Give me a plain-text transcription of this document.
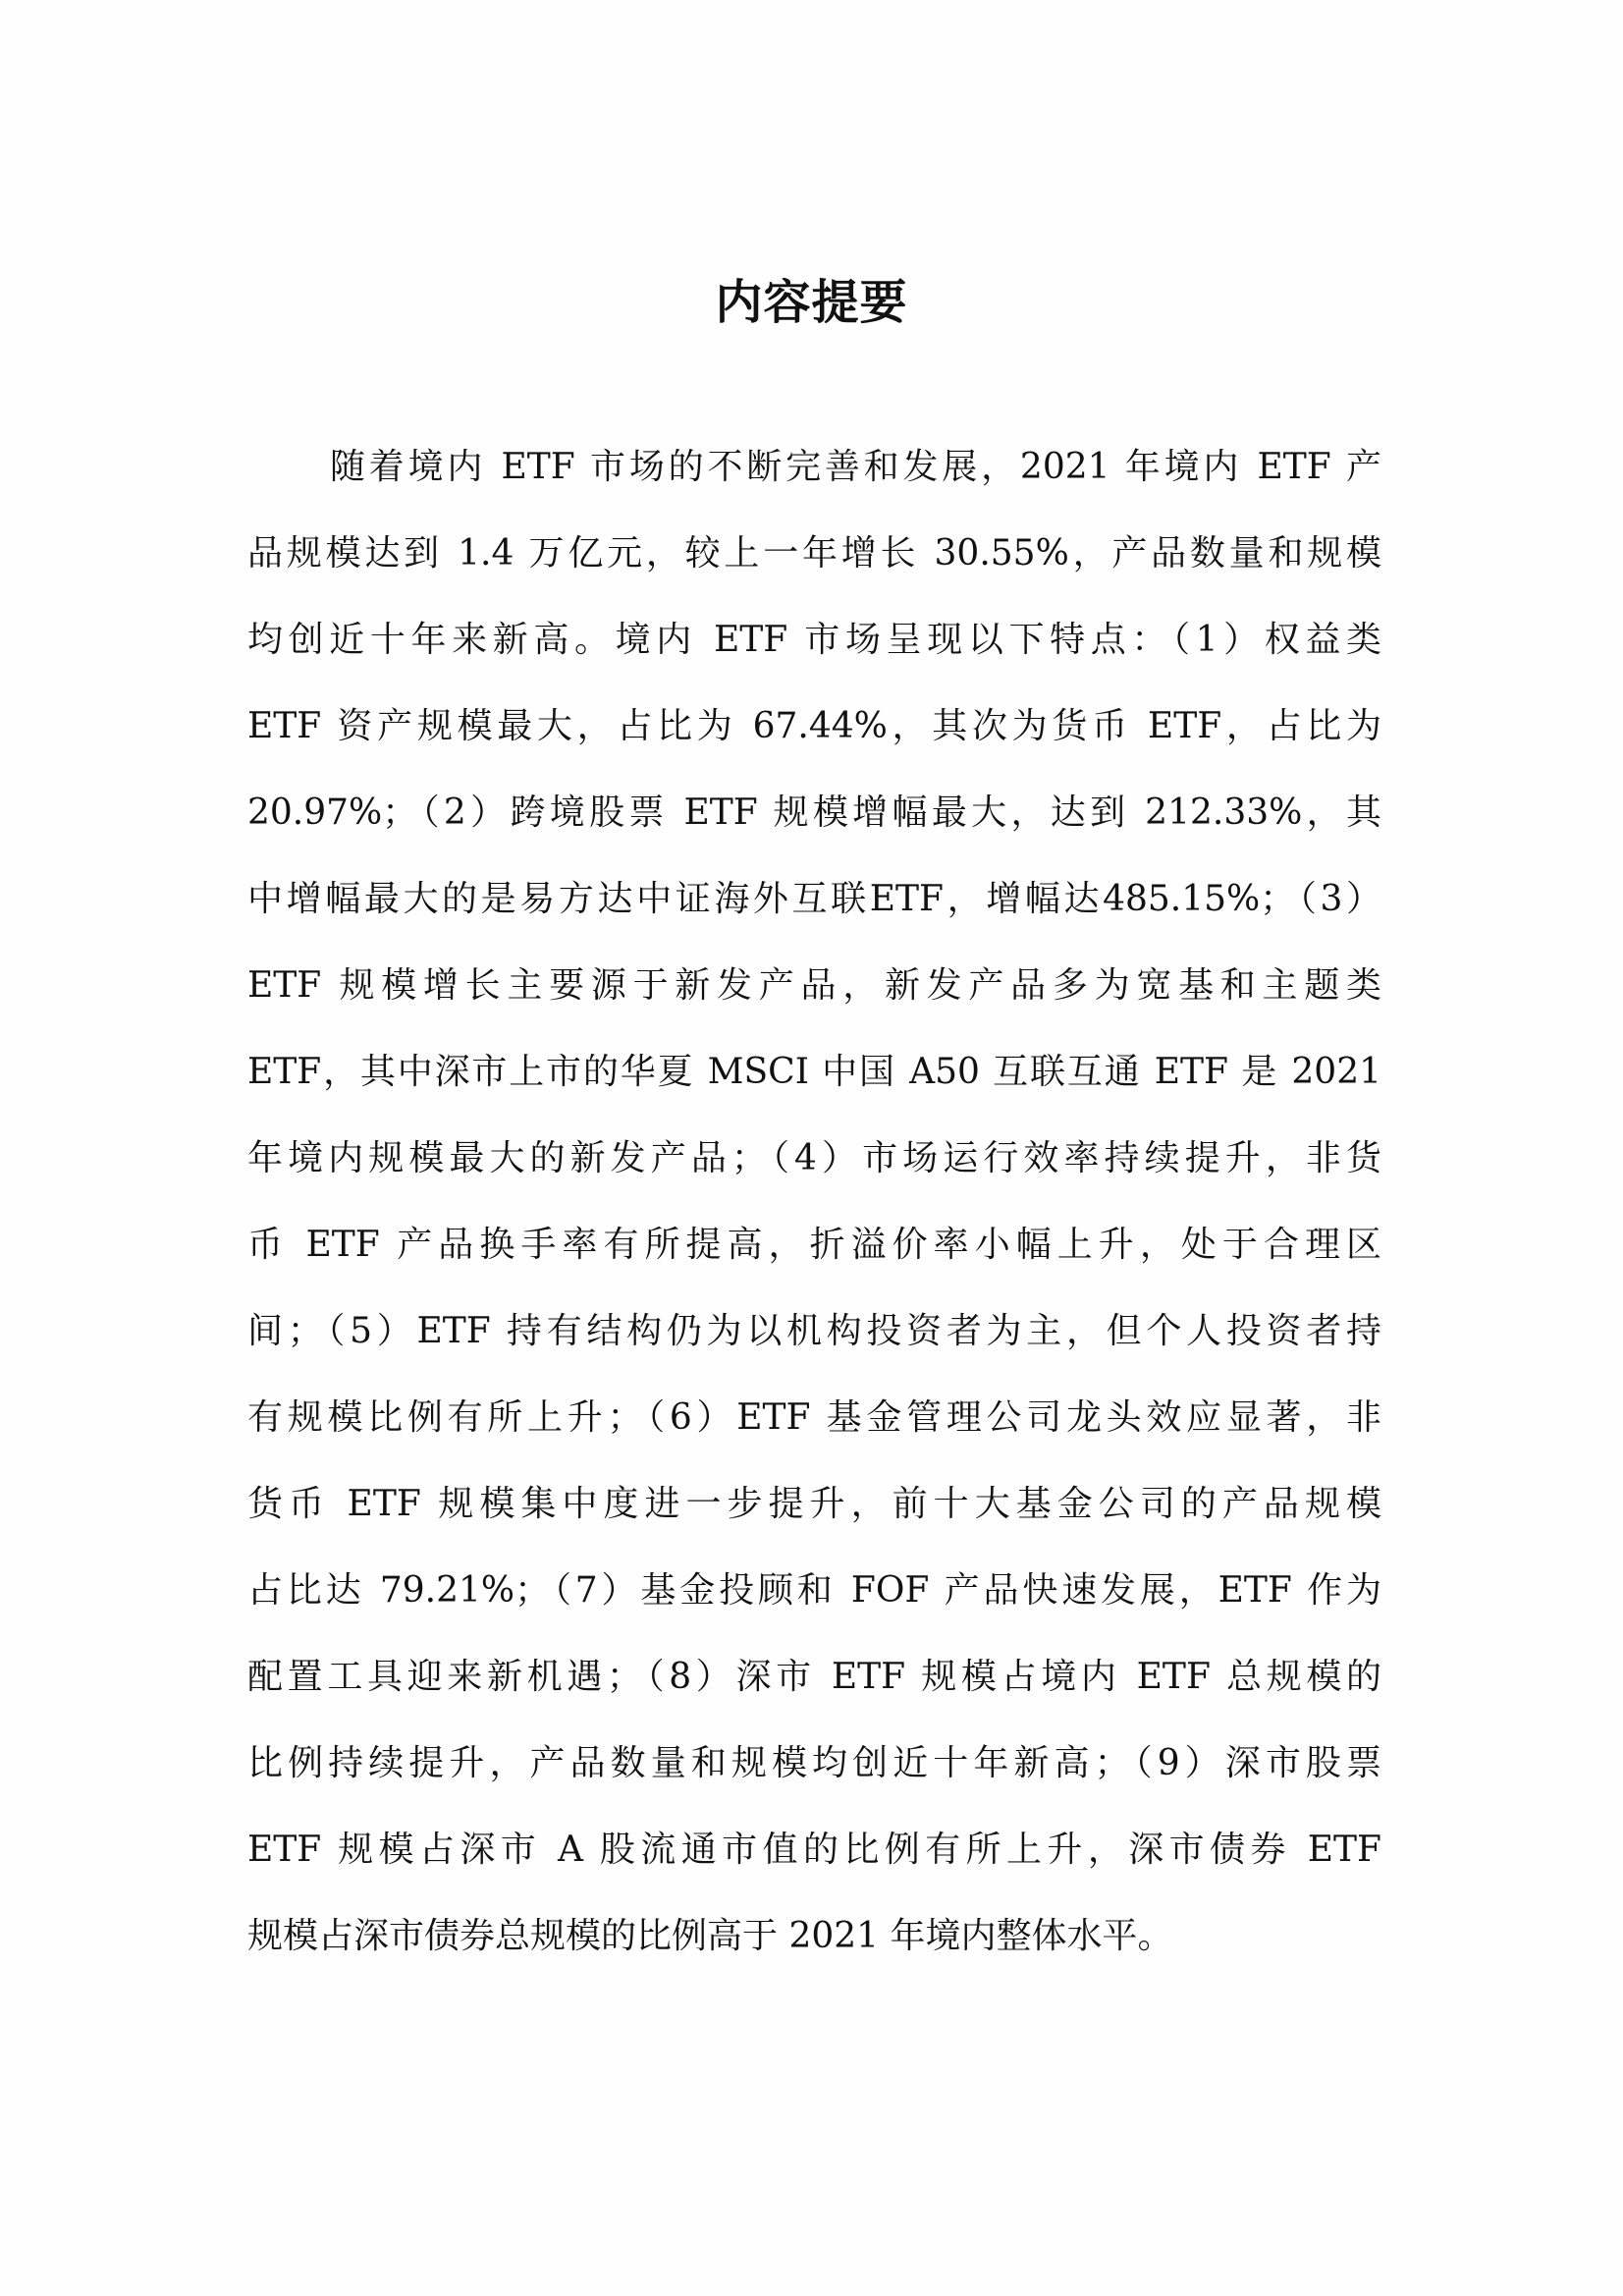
内容提要
随着境内 ETF 市场的不断完善和发展，2021 年境内 ETF 产
品规模达到 1.4 万亿元，较上一年增长 30.55%，产品数量和规模
均创近十年来新高。境内 ETF 市场呈现以下特点：（1）权益类
ETF 资产规模最大，占比为 67.44%，其次为货币 ETF，占比为
20.97%；（2）跨境股票 ETF 规模增幅最大，达到 212.33%，其
中增幅最大的是易方达中证海外互联ETF，增幅达485.15%；（3）
ETF 规模增长主要源于新发产品，新发产品多为宽基和主题类
ETF，其中深市上市的华夏 MSCI 中国 A50 互联互通 ETF 是 2021
年境内规模最大的新发产品；（4）市场运行效率持续提升，非货
币 ETF 产品换手率有所提高，折溢价率小幅上升，处于合理区
间；（5）ETF 持有结构仍为以机构投资者为主，但个人投资者持
有规模比例有所上升；（6）ETF 基金管理公司龙头效应显著，非
货币 ETF 规模集中度进一步提升，前十大基金公司的产品规模
占比达 79.21%；（7）基金投顾和 FOF 产品快速发展，ETF 作为
配置工具迎来新机遇；（8）深市 ETF 规模占境内 ETF 总规模的
比例持续提升，产品数量和规模均创近十年新高；（9）深市股票
ETF 规模占深市 A 股流通市值的比例有所上升，深市债券 ETF
规模占深市债券总规模的比例高于 2021 年境内整体水平。
